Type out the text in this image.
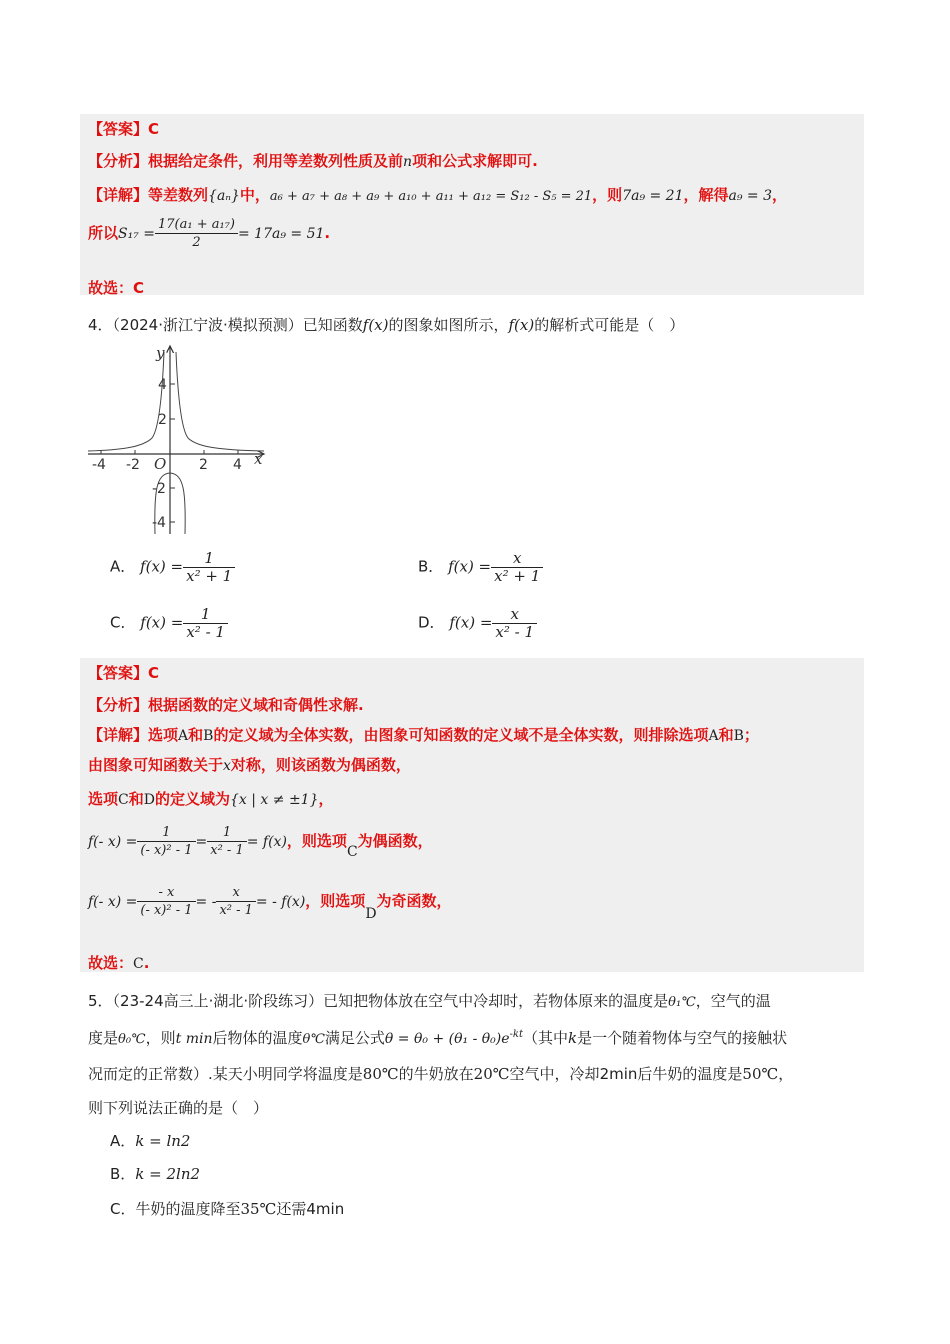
【答案】C
【分析】根据给定条件，利用等差数列性质及前n项和公式求解即可.
【详解】等差数列{aₙ}中，a₆ + a₇ + a₈ + a₉ + a₁₀ + a₁₁ + a₁₂ = S₁₂ - S₅ = 21，则7a₉ = 21，解得a₉ = 3，
所以$S_{17} = \frac{\text{17(a₁ + a₁₇)}}{2} = 17a_9 = 51$.
故选：C
4．（2024·浙江宁波·模拟预测）已知函数f(x)的图象如图所示，f(x)的解析式可能是（　）
y
x
O
-4 -2	2 4
4
2
-2
-4
A． $f(x) = \frac{1}{\text{x² + 1}}$	B． $f(x) = \frac{x}{\text{x² + 1}}$
C． $f(x) = \frac{1}{\text{x² - 1}}$	D． $f(x) = \frac{x}{\text{x² - 1}}$
【答案】C
【分析】根据函数的定义域和奇偶性求解.
【详解】选项A和B的定义域为全体实数，由图象可知函数的定义域不是全体实数，则排除选项A和B；
由图象可知函数关于x对称，则该函数为偶函数，
选项C和D的定义域为{x | x ≠ ±1}，
f(- $x) = \frac{1}{\text{(- x)² - 1}} = \frac{1}{\text{x² - 1}} = f(x)$，则选项C为偶函数，
f(- $x) = \frac{- x}{\text{(- x)² - 1}}$ = - $\frac{x}{\text{x² - 1}}$ = - f(x)，则选项D为奇函数，
故选：C.
5．（23-24高三上·湖北·阶段练习）已知把物体放在空气中冷却时，若物体原来的温度是θ₁℃，空气的温
度是θ₀℃，则t min后物体的温度θ℃满足公式$\theta = \theta_0 + (\theta_1 - \theta_0)e^{-kt}$（其中k是一个随着物体与空气的接触状
况而定的正常数）.某天小明同学将温度是80℃的牛奶放在20℃空气中，冷却2min后牛奶的温度是50℃，
则下列说法正确的是（　）
A．k = ln2
B．k = 2ln2
C．牛奶的温度降至35℃还需4min
